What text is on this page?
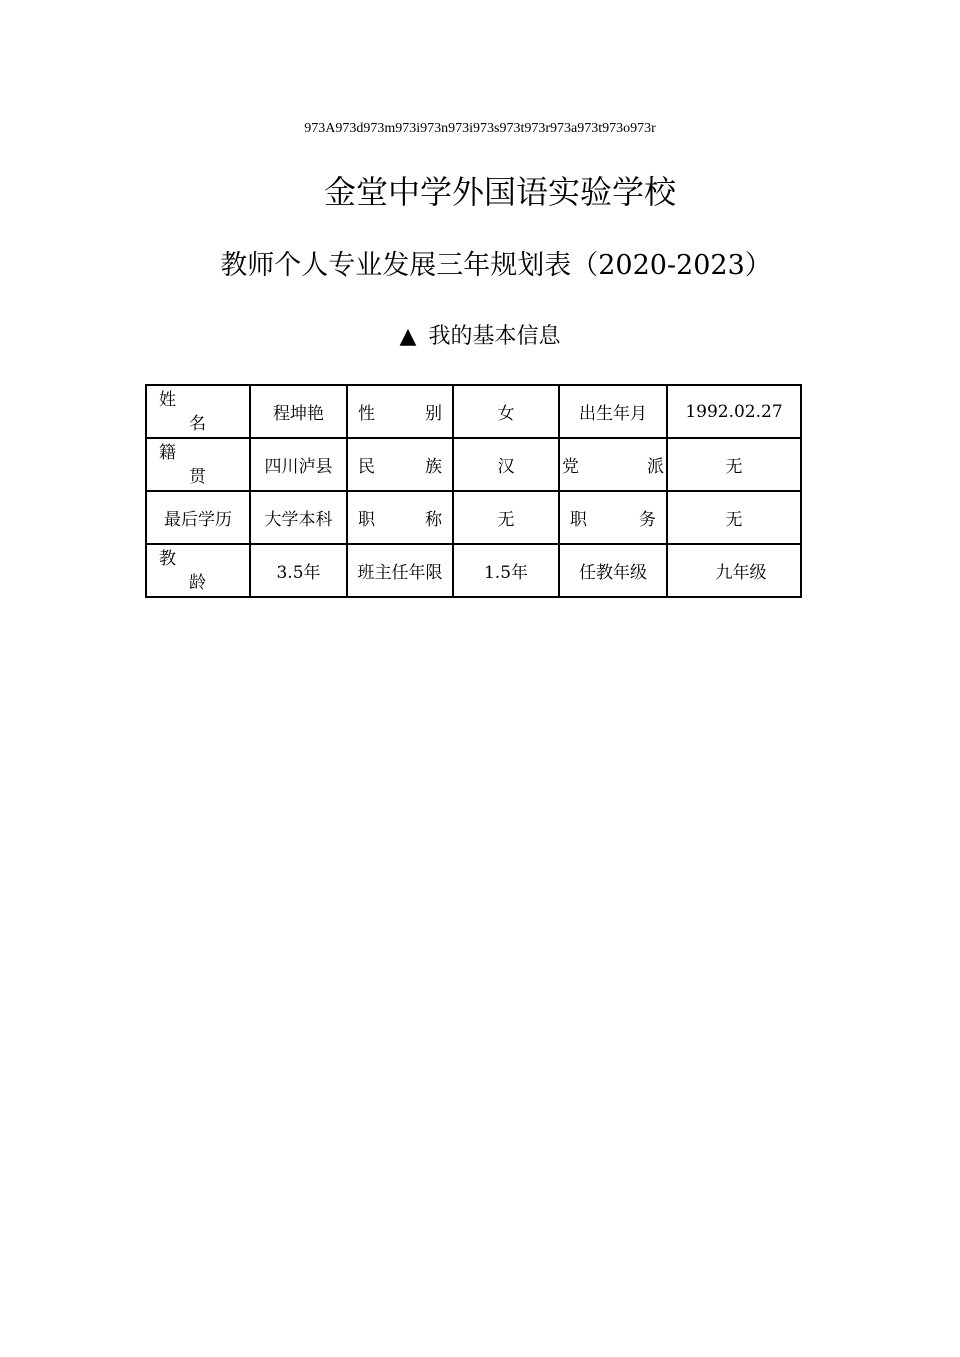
973A973d973m973i973n973i973s973t973r973a973t973o973r
金堂中学外国语实验学校
教师个人专业发展三年规划表（2020-2023）
▲ 我的基本信息
姓
名	程坤艳	性　　别	女	出生年月	1992.02.27

籍
贯	四川泸县	民　　族	汉	党　　派	无
最后学历	大学本科	职　　称	无	职　　务	无

教
龄	3.5年	班主任年限	1.5年	任教年级	九年级
